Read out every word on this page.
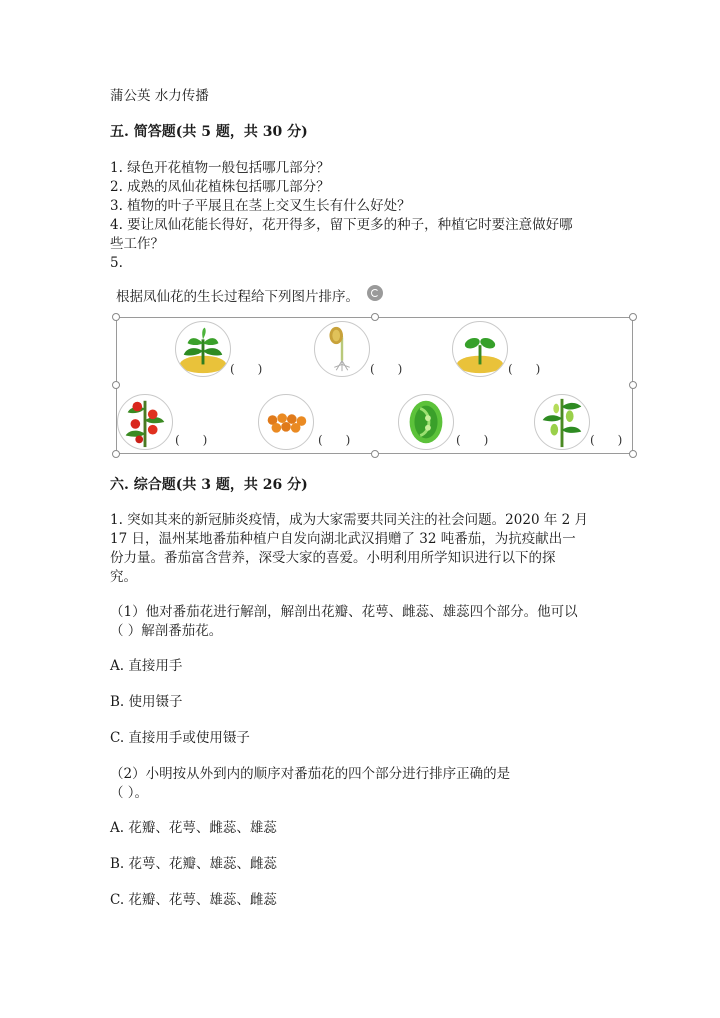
蒲公英 水力传播
五. 简答题(共 5 题，共 30 分)
1. 绿色开花植物一般包括哪几部分？
2. 成熟的凤仙花植株包括哪几部分？
3. 植物的叶子平展且在茎上交叉生长有什么好处？
4. 要让凤仙花能长得好，花开得多，留下更多的种子，种植它时要注意做好哪
些工作？
5.
根据凤仙花的生长过程给下列图片排序。
(      )	(      )	(      )
(      )	(      )	(      )	(      )
六. 综合题(共 3 题，共 26 分)
1. 突如其来的新冠肺炎疫情，成为大家需要共同关注的社会问题。2020 年 2 月
17 日，温州某地番茄种植户自发向湖北武汉捐赠了 32 吨番茄，为抗疫献出一
份力量。番茄富含营养，深受大家的喜爱。小明利用所学知识进行以下的探
究。
（1）他对番茄花进行解剖，解剖出花瓣、花萼、雌蕊、雄蕊四个部分。他可以
（ ）解剖番茄花。
A. 直接用手
B. 使用镊子
C. 直接用手或使用镊子
（2）小明按从外到内的顺序对番茄花的四个部分进行排序正确的是
（ ）。
A. 花瓣、花萼、雌蕊、雄蕊
B. 花萼、花瓣、雄蕊、雌蕊
C. 花瓣、花萼、雄蕊、雌蕊
